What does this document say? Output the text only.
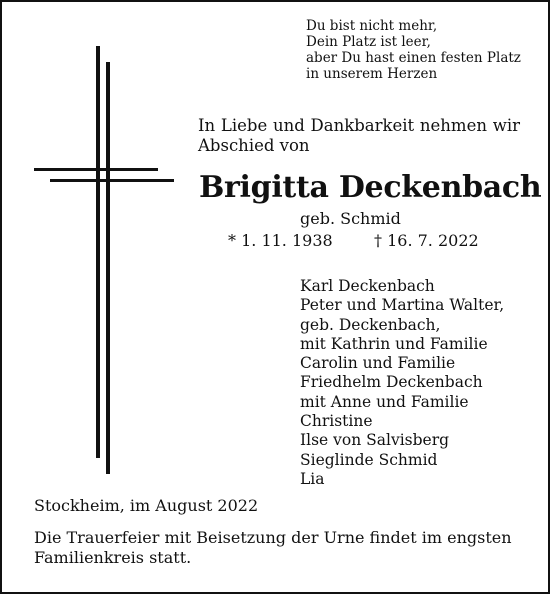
Du bist nicht mehr,
Dein Platz ist leer,
aber Du hast einen festen Platz
in unserem Herzen
In Liebe und Dankbarkeit nehmen wir
Abschied von
Brigitta Deckenbach
geb. Schmid
* 1. 11. 1938	† 16. 7. 2022
Karl Deckenbach
Peter und Martina Walter,
geb. Deckenbach,
mit Kathrin und Familie
Carolin und Familie
Friedhelm Deckenbach
mit Anne und Familie
Christine
Ilse von Salvisberg
Sieglinde Schmid
Lia
Stockheim, im August 2022
Die Trauerfeier mit Beisetzung der Urne findet im engsten Familienkreis statt.
